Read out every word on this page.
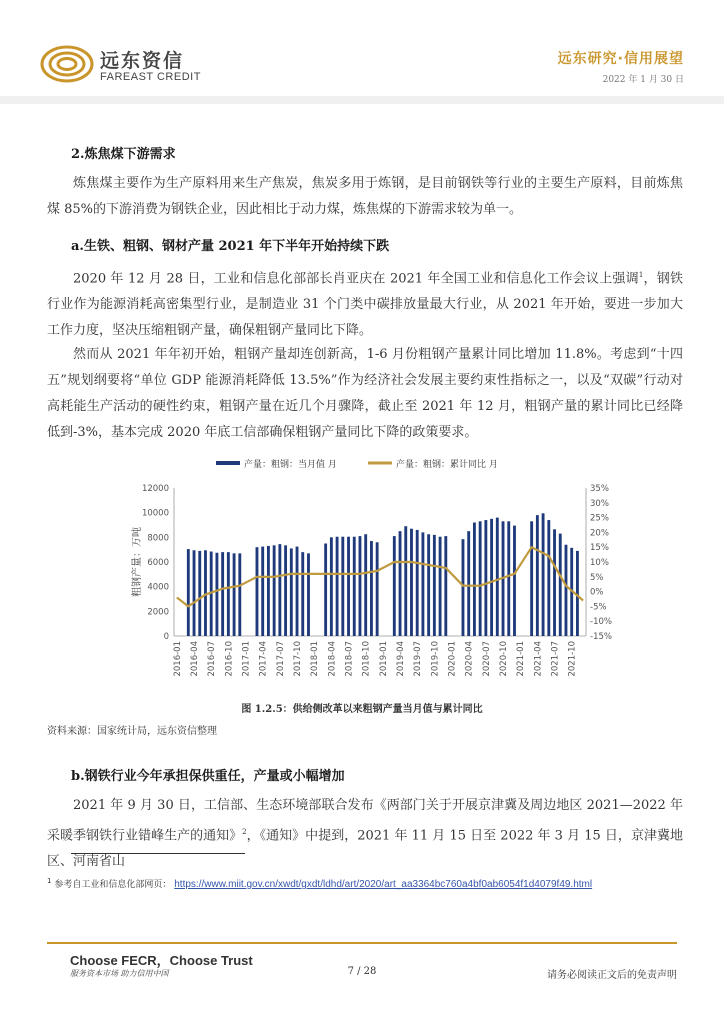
远东资信
FAREAST CREDIT
远东研究·信用展望
2022 年 1 月 30 日
2.炼焦煤下游需求

炼焦煤主要作为生产原料用来生产焦炭，焦炭多用于炼钢，是目前钢铁等行业的主要生产原料，目前炼焦煤 85%的下游消费为钢铁企业，因此相比于动力煤，炼焦煤的下游需求较为单一。

a.生铁、粗钢、钢材产量 2021 年下半年开始持续下跌

2020 年 12 月 28 日，工业和信息化部部长肖亚庆在 2021 年全国工业和信息化工作会议上强调$^1$，钢铁行业作为能源消耗高密集型行业，是制造业 31 个门类中碳排放量最大行业，从 2021 年开始，要进一步加大工作力度，坚决压缩粗钢产量，确保粗钢产量同比下降。

然而从 2021 年年初开始，粗钢产量却连创新高，1-6 月份粗钢产量累计同比增加 11.8%。考虑到“十四五”规划纲要将“单位 GDP 能源消耗降低 13.5%”作为经济社会发展主要约束性指标之一，以及“双碳”行动对高耗能生产活动的硬性约束，粗钢产量在近几个月骤降，截止至 2021 年 12 月，粗钢产量的累计同比已经降低到-3%，基本完成 2020 年底工信部确保粗钢产量同比下降的政策要求。

产量：粗钢：当月值 月	产量：粗钢：累计同比 月
0
2000
4000
6000
8000
10000
12000
-15%
-10%
-5%
0%
5%
10%
15%
20%
25%
30%
35%
粗钢产量：万吨
2016-01 2016-04 2016-07 2016-10 2017-01 2017-04 2017-07 2017-10 2018-01 2018-04 2018-07 2018-10 2019-01 2019-04 2019-07 2019-10 2020-01 2020-04 2020-07 2020-10 2021-01 2021-04 2021-07 2021-10
图 1.2.5：供给侧改革以来粗钢产量当月值与累计同比
资料来源：国家统计局，远东资信整理
b.钢铁行业今年承担保供重任，产量或小幅增加

2021 年 9 月 30 日，工信部、生态环境部联合发布《两部门关于开展京津冀及周边地区 2021—2022 年采暖季钢铁行业错峰生产的通知》$^2$，《通知》中提到，2021 年 11 月 15 日至 2022 年 3 月 15 日，京津冀地区、河南省山

$^1$ 参考自工业和信息化部网页： https://www.miit.gov.cn/xwdt/gxdt/ldhd/art/2020/art_aa3364bc760a4bf0ab6054f1d4079f49.html
Choose FECR，Choose Trust
服务资本市场 助力信用中国	7 / 28	请务必阅读正文后的免责声明
